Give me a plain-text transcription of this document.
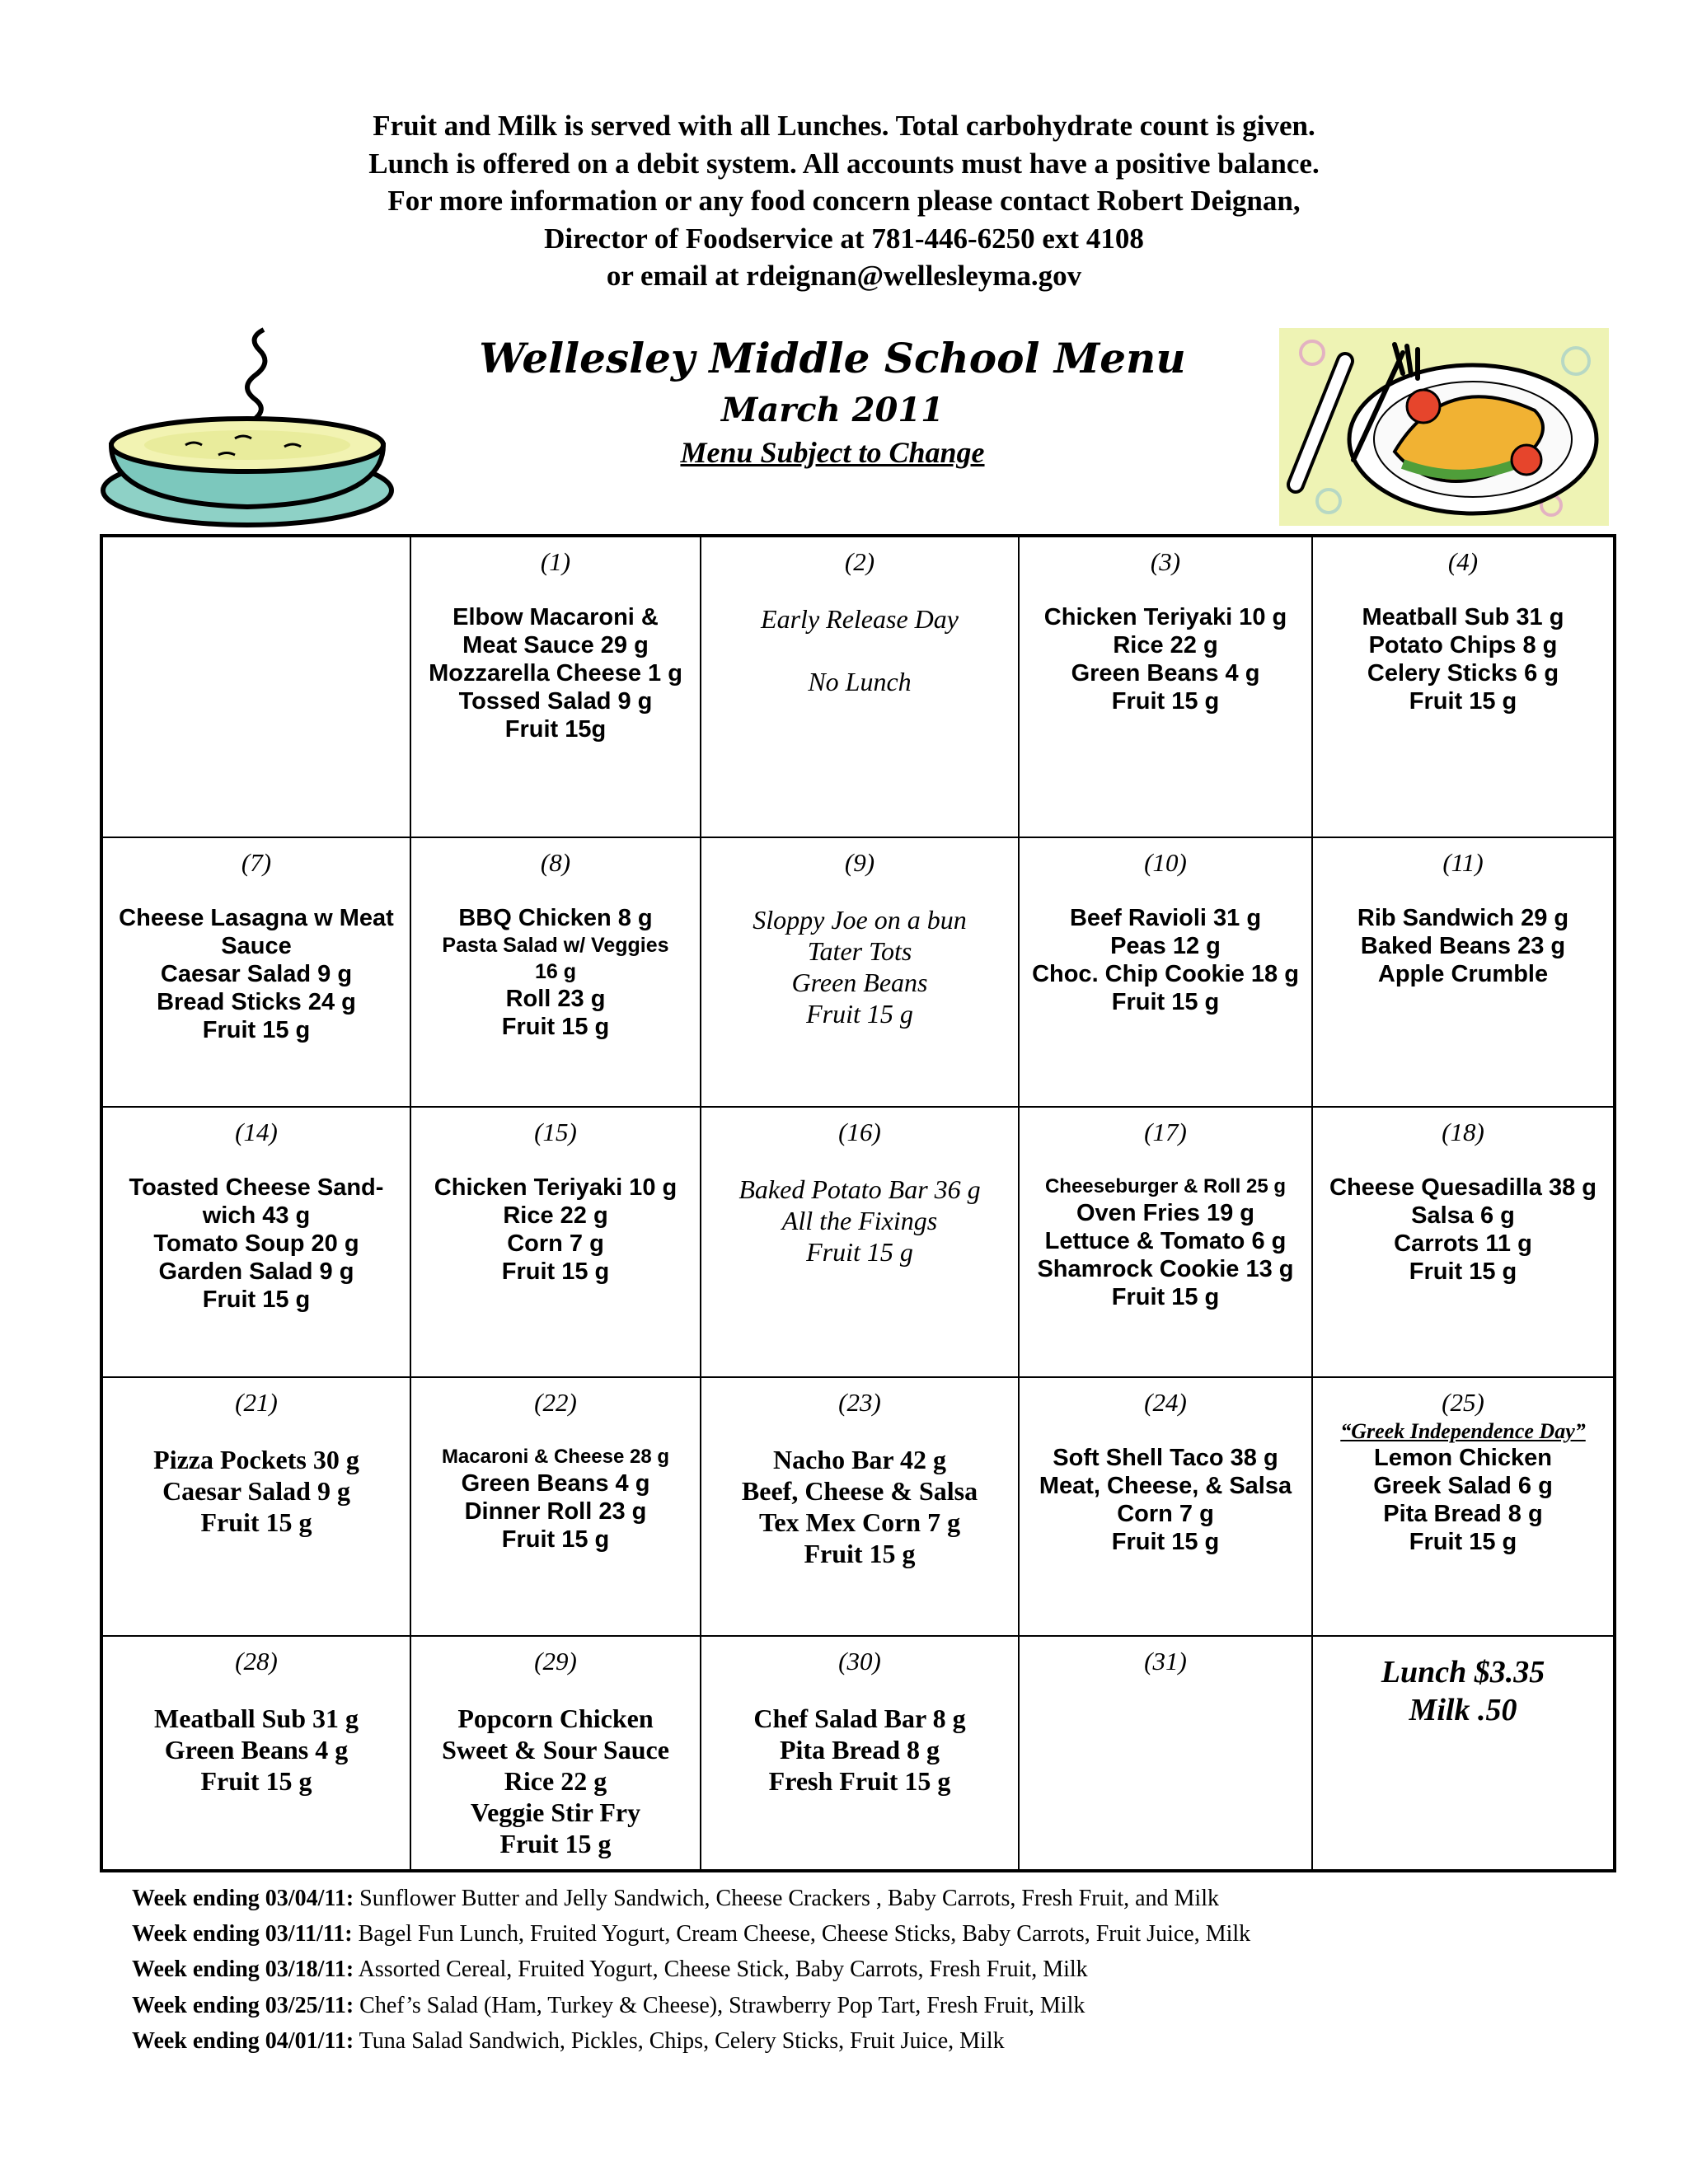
Fruit and Milk is served with all Lunches. Total carbohydrate count is given.
Lunch is offered on a debit system. All accounts must have a positive balance.
For more information or any food concern please contact Robert Deignan,
Director of Foodservice at 781-446-6250 ext 4108
or email at rdeignan@wellesleyma.gov
Wellesley Middle School Menu
March 2011
Menu Subject to Change
(1)
Elbow Macaroni &
Meat Sauce 29 g
Mozzarella Cheese 1 g
Tossed Salad 9 g
Fruit 15g
(2)
Early Release Day
No Lunch
(3)
Chicken Teriyaki 10 g
Rice 22 g
Green Beans 4 g
Fruit 15 g
(4)
Meatball Sub 31 g
Potato Chips 8 g
Celery Sticks 6 g
Fruit 15 g
(7)
Cheese Lasagna w Meat
Sauce
Caesar Salad 9 g
Bread Sticks 24 g
Fruit 15 g
(8)
BBQ Chicken 8 g
Pasta Salad w/ Veggies
16 g
Roll 23 g
Fruit 15 g
(9)
Sloppy Joe on a bun
Tater Tots
Green Beans
Fruit 15 g
(10)
Beef Ravioli 31 g
Peas 12 g
Choc. Chip Cookie 18 g
Fruit 15 g
(11)
Rib Sandwich 29 g
Baked Beans 23 g
Apple Crumble
(14)
Toasted Cheese Sand-
wich 43 g
Tomato Soup 20 g
Garden Salad 9 g
Fruit 15 g
(15)
Chicken Teriyaki 10 g
Rice 22 g
Corn 7 g
Fruit 15 g
(16)
Baked Potato Bar 36 g
All the Fixings
Fruit 15 g
(17)
Cheeseburger & Roll 25 g
Oven Fries 19 g
Lettuce & Tomato 6 g
Shamrock Cookie 13 g
Fruit 15 g
(18)
Cheese Quesadilla 38 g
Salsa 6 g
Carrots 11 g
Fruit 15 g
(21)
Pizza Pockets 30 g
Caesar Salad 9 g
Fruit 15 g
(22)
Macaroni & Cheese 28 g
Green Beans 4 g
Dinner Roll 23 g
Fruit 15 g
(23)
Nacho Bar 42 g
Beef, Cheese & Salsa
Tex Mex Corn 7 g
Fruit 15 g
(24)
Soft Shell Taco 38 g
Meat, Cheese, & Salsa
Corn 7 g
Fruit 15 g
(25)
“Greek Independence Day”
Lemon Chicken
Greek Salad 6 g
Pita Bread 8 g
Fruit 15 g
(28)
Meatball Sub 31 g
Green Beans 4 g
Fruit 15 g
(29)
Popcorn Chicken
Sweet & Sour Sauce
Rice 22 g
Veggie Stir Fry
Fruit 15 g
(30)
Chef Salad Bar 8 g
Pita Bread 8 g
Fresh Fruit 15 g
(31)	Lunch $3.35
Milk .50
Week ending 03/04/11: Sunflower Butter and Jelly Sandwich, Cheese Crackers , Baby Carrots, Fresh Fruit, and Milk
Week ending 03/11/11: Bagel Fun Lunch, Fruited Yogurt, Cream Cheese, Cheese Sticks, Baby Carrots, Fruit Juice, Milk
Week ending 03/18/11: Assorted Cereal, Fruited Yogurt, Cheese Stick, Baby Carrots, Fresh Fruit, Milk
Week ending 03/25/11: Chef’s Salad (Ham, Turkey & Cheese), Strawberry Pop Tart, Fresh Fruit, Milk
Week ending 04/01/11: Tuna Salad Sandwich, Pickles, Chips, Celery Sticks, Fruit Juice, Milk
